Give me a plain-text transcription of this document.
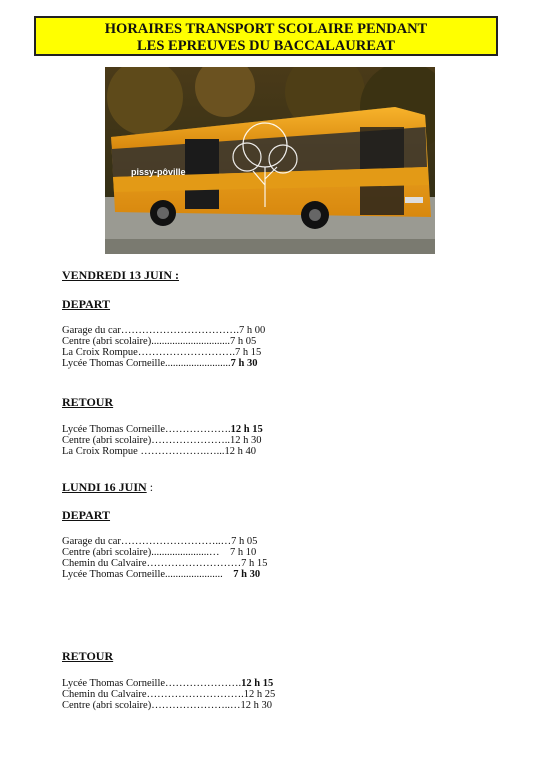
HORAIRES TRANSPORT SCOLAIRE PENDANT
LES EPREUVES DU BACCALAUREAT
pissy-pôville
VENDREDI 13 JUIN :
DEPART
Garage du car…………………………….7 h 00
Centre (abri scolaire)..............................7 h 05
La Croix Rompue……………………….7 h 15
Lycée Thomas Corneille.........................7 h 30
RETOUR
Lycée Thomas Corneille……………….12 h 15
Centre (abri scolaire)…………………..12 h 30
La Croix Rompue ……………….…...12 h 40
LUNDI 16 JUIN :
DEPART
Garage du car………………………..…7 h 05
Centre (abri scolaire)......................…    7 h 10
Chemin du Calvaire………………………7 h 15
Lycée Thomas Corneille......................    7 h 30
RETOUR
Lycée Thomas Corneille………………….12 h 15
Chemin du Calvaire……………………….12 h 25
Centre (abri scolaire)…………………..…12 h 30
